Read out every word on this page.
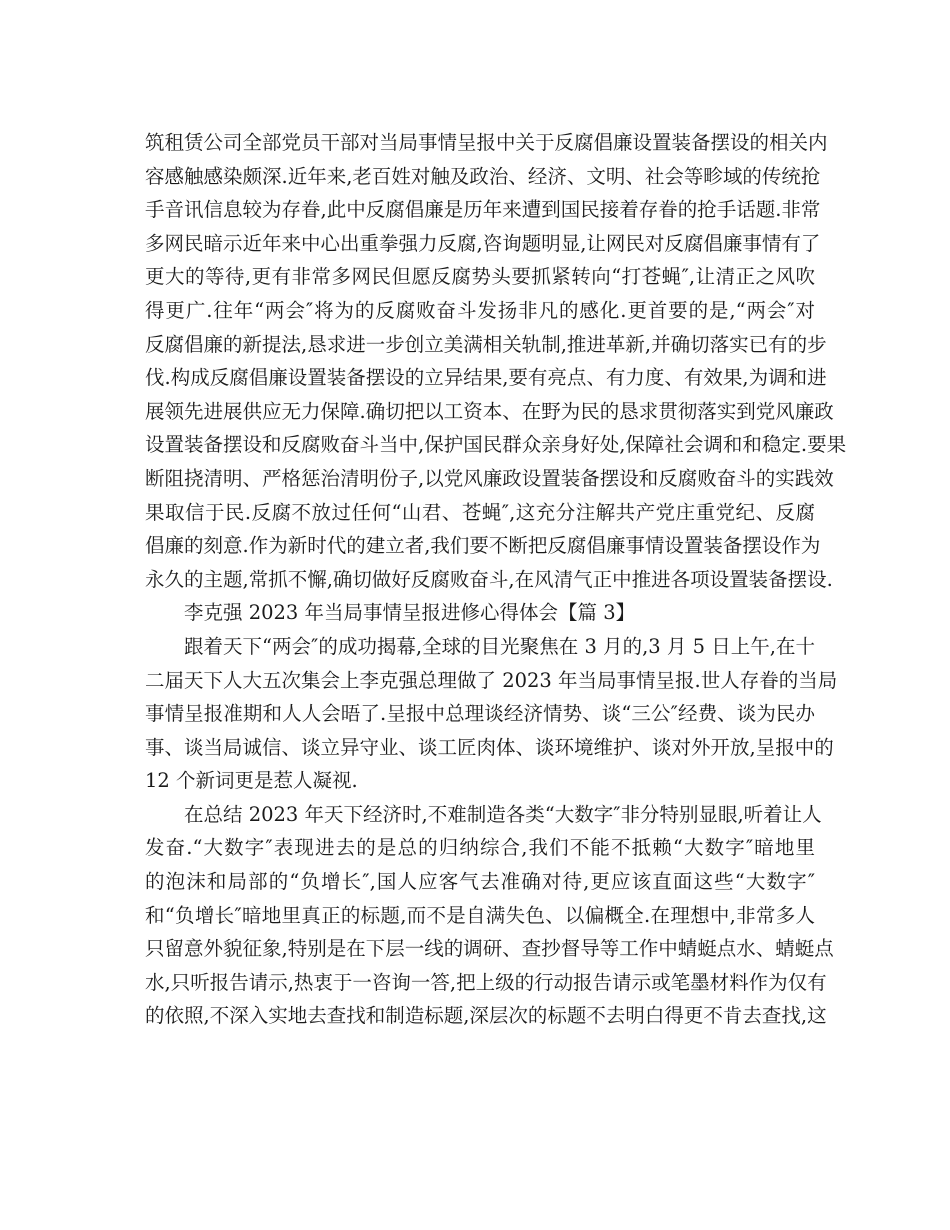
筑租赁公司全部党员干部对当局事情呈报中关于反腐倡廉设置装备摆设的相关内
容感触感染颇深.近年来,老百姓对触及政治、经济、文明、社会等畛域的传统抢
手音讯信息较为存眷,此中反腐倡廉是历年来遭到国民接着存眷的抢手话题.非常
多网民暗示近年来中心出重拳强力反腐,咨询题明显,让网民对反腐倡廉事情有了
更大的等待,更有非常多网民但愿反腐势头要抓紧转向“打苍蝇″,让清正之风吹
得更广.往年“两会″将为的反腐败奋斗发扬非凡的感化.更首要的是,“两会″对
反腐倡廉的新提法,恳求进一步创立美满相关轨制,推进革新,并确切落实已有的步
伐.构成反腐倡廉设置装备摆设的立异结果,要有亮点、有力度、有效果,为调和进
展领先进展供应无力保障.确切把以工资本、在野为民的恳求贯彻落实到党风廉政
设置装备摆设和反腐败奋斗当中,保护国民群众亲身好处,保障社会调和和稳定.要果
断阻挠清明、严格惩治清明份子,以党风廉政设置装备摆设和反腐败奋斗的实践效
果取信于民.反腐不放过任何“山君、苍蝇″,这充分注解共产党庄重党纪、反腐
倡廉的刻意.作为新时代的建立者,我们要不断把反腐倡廉事情设置装备摆设作为
永久的主题,常抓不懈,确切做好反腐败奋斗,在风清气正中推进各项设置装备摆设.
李克强 2023 年当局事情呈报进修心得体会【篇 3】
跟着天下“两会″的成功揭幕,全球的目光聚焦在 3 月的,3 月 5 日上午,在十
二届天下人大五次集会上李克强总理做了 2023 年当局事情呈报.世人存眷的当局
事情呈报准期和人人会晤了.呈报中总理谈经济情势、谈“三公″经费、谈为民办
事、谈当局诚信、谈立异守业、谈工匠肉体、谈环境维护、谈对外开放,呈报中的
12 个新词更是惹人凝视.
在总结 2023 年天下经济时,不难制造各类“大数字″非分特别显眼,听着让人
发奋.“大数字″表现进去的是总的归纳综合,我们不能不抵赖“大数字″暗地里
的泡沫和局部的“负增长″,国人应客气去准确对待,更应该直面这些“大数字″
和“负增长″暗地里真正的标题,而不是自满失色、以偏概全.在理想中,非常多人
只留意外貌征象,特别是在下层一线的调研、查抄督导等工作中蜻蜓点水、蜻蜓点
水,只听报告请示,热衷于一咨询一答,把上级的行动报告请示或笔墨材料作为仅有
的依照,不深入实地去查找和制造标题,深层次的标题不去明白得更不肯去查找,这
